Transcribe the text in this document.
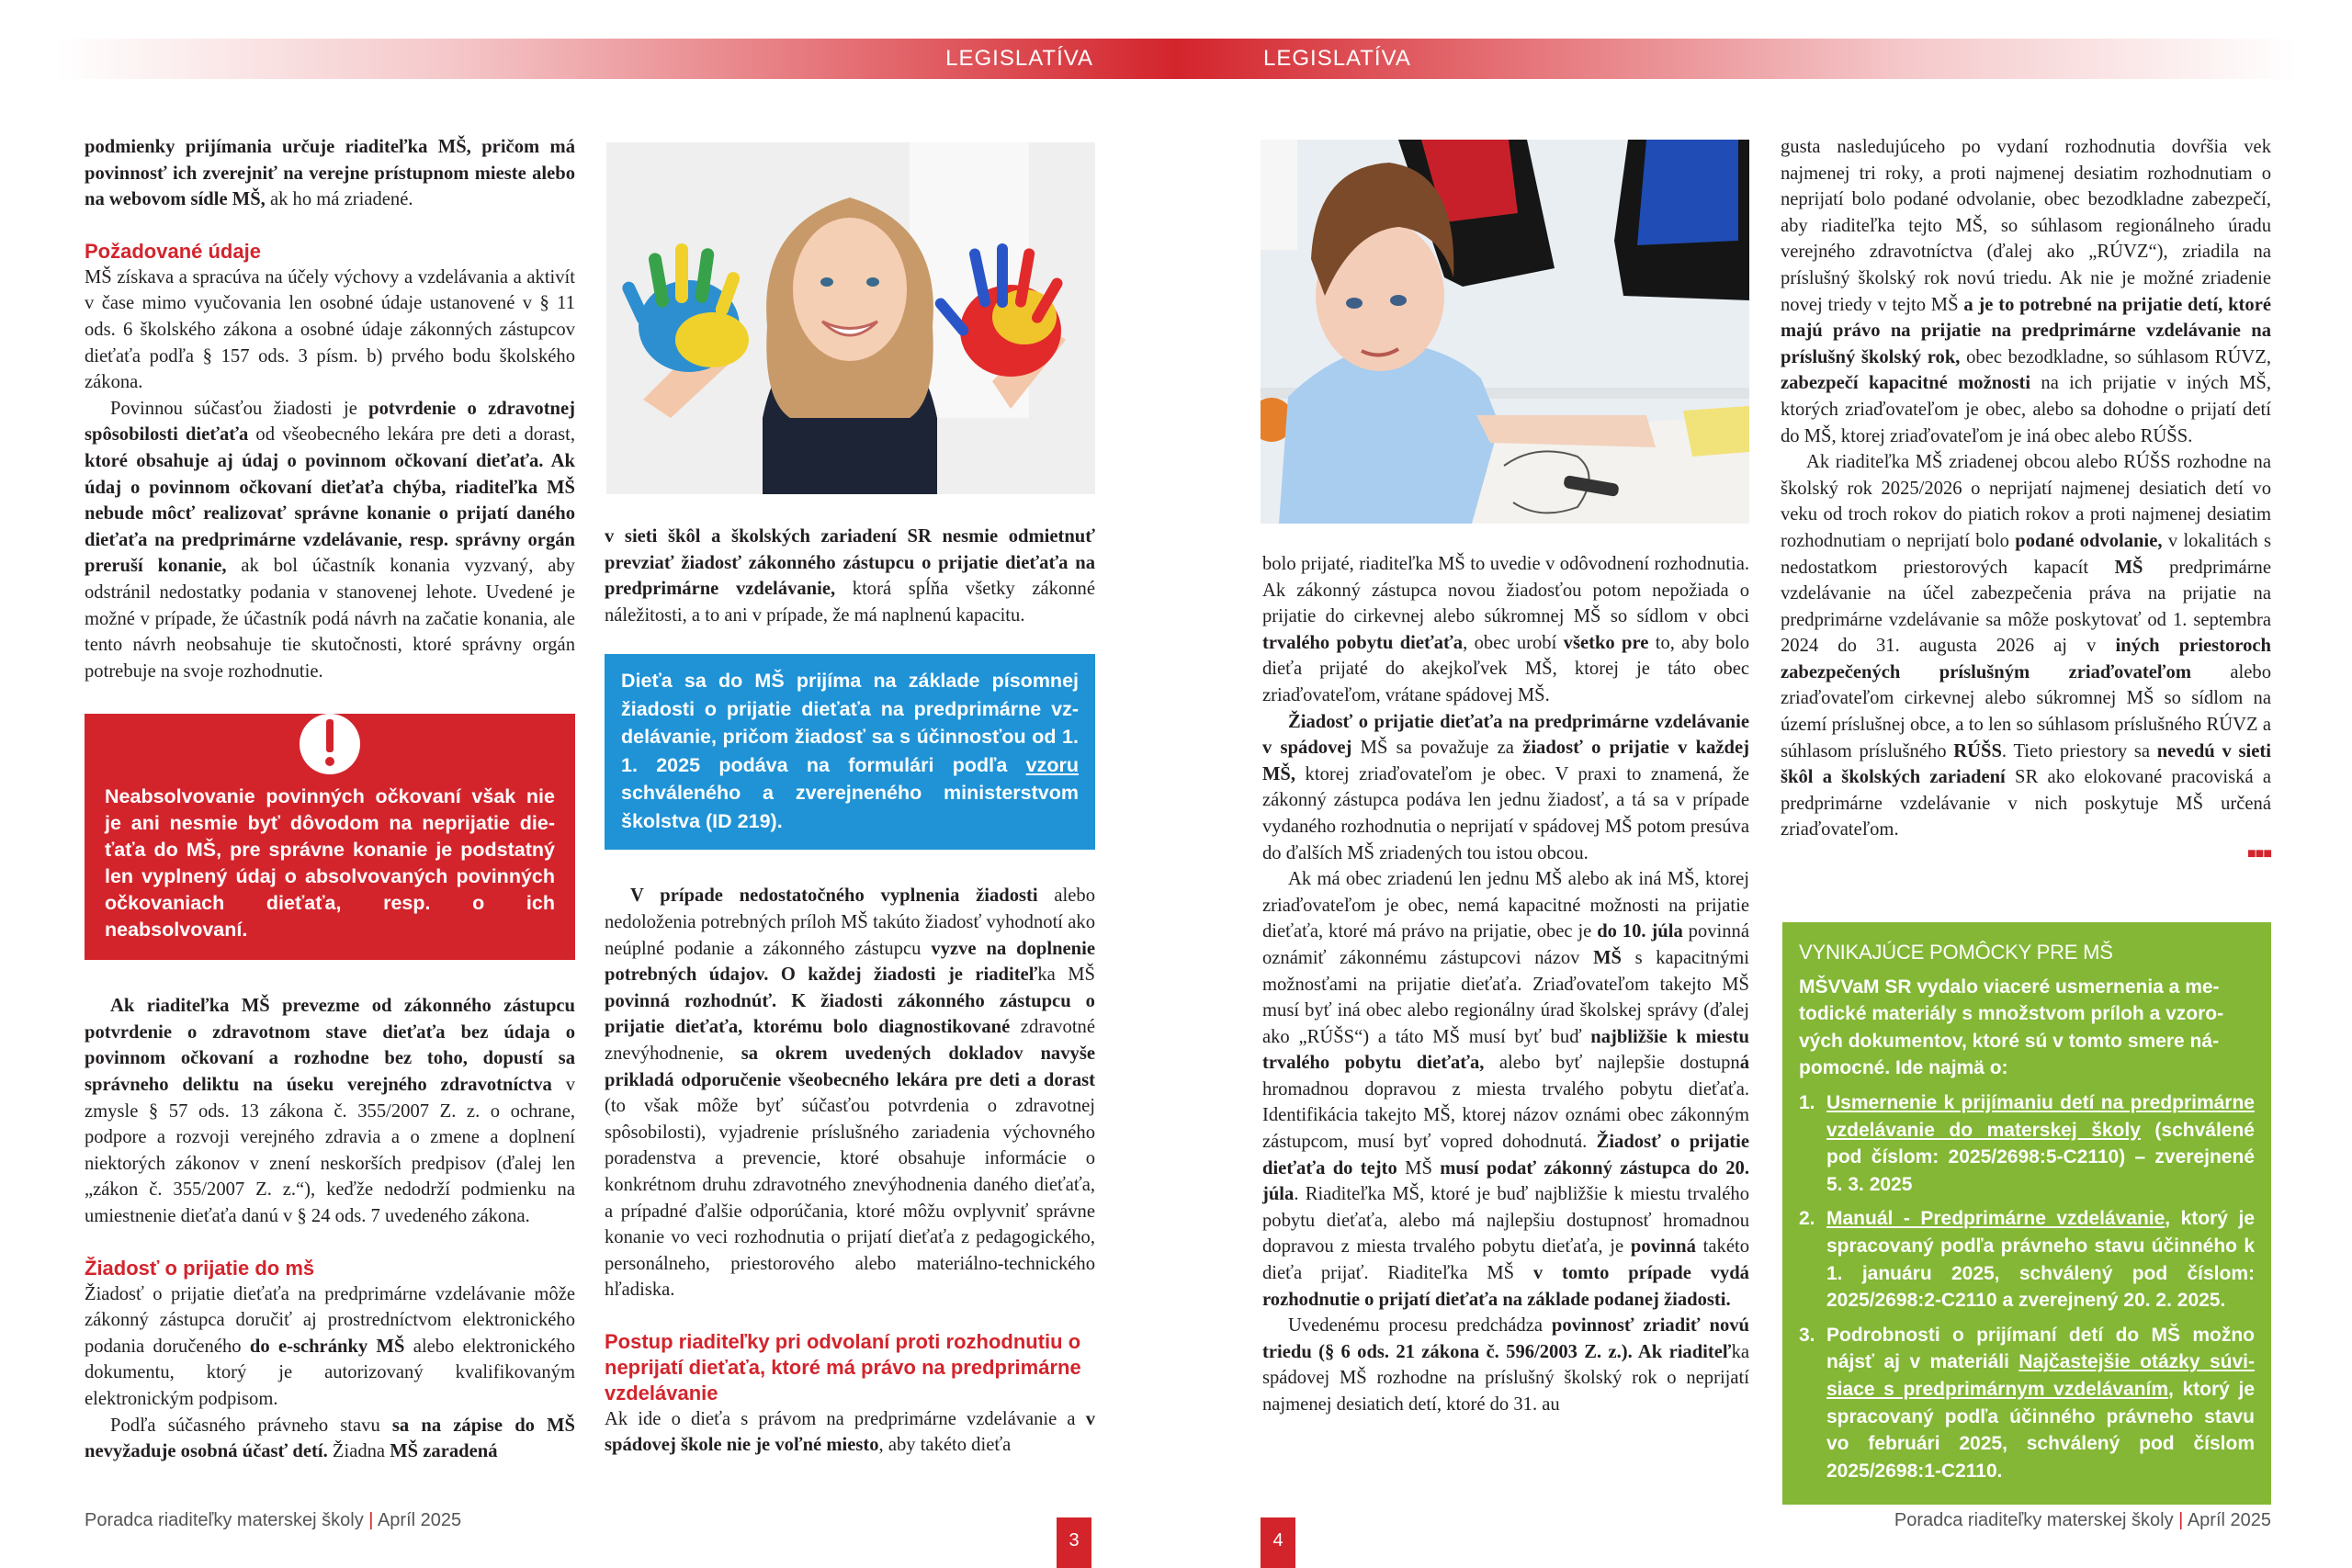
LEGISLATÍVA	LEGISLATÍVA

podmienky prijímania určuje riaditeľka MŠ, pričom má povinnosť ich zverejniť na verejne prístupnom mieste alebo na webovom sídle MŠ, ak ho má zriadené.

Požadované údaje

MŠ získava a spracúva na účely výchovy a vzdelávania a aktivít v čase mimo vyučovania len osobné údaje ustanovené v § 11 ods. 6 školského zákona a osobné údaje zákonných zástupcov dieťaťa podľa § 157 ods. 3 písm. b) prvého bodu školského zákona.

Povinnou súčasťou žiadosti je potvrdenie o zdravotnej spôsobilosti dieťaťa od všeobecného lekára pre deti a dorast, ktoré obsahuje aj údaj o povinnom očkovaní dieťaťa. Ak údaj o povinnom očkovaní dieťaťa chýba, riaditeľka MŠ nebude môcť realizovať správne konanie o prijatí daného dieťaťa na predprimárne vzdelávanie, resp. správny orgán preruší konanie, ak bol účastník konania vyzvaný, aby odstránil nedostatky podania v stanovenej lehote. Uvedené je možné v prípade, že účastník podá návrh na začatie konania, ale tento návrh neobsahuje tie skutočnosti, ktoré správny orgán potrebuje na svoje rozhodnutie.

Neabsolvovanie povinných očkovaní však nie je ani nesmie byť dôvodom na neprijatie dieťaťa do MŠ, pre správne konanie je podstatný len vyplnený údaj o absolvovaných povinných očkovaniach dieťaťa, resp. o ich neabsolvovaní.

Ak riaditeľka MŠ prevezme od zákonného zástupcu potvrdenie o zdravotnom stave dieťaťa bez údaja o povinnom očkovaní a rozhodne bez toho, dopustí sa správneho deliktu na úseku verejného zdravotníctva v zmysle § 57 ods. 13 zákona č. 355/2007 Z. z. o ochrane, podpore a rozvoji verejného zdravia a o zmene a doplnení niektorých zákonov v znení neskorších predpisov (ďalej len „zákon č. 355/2007 Z. z.“), keďže nedodrží podmienku na umiestnenie dieťaťa danú v § 24 ods. 7 uvedeného zákona.

Žiadosť o prijatie do mš

Žiadosť o prijatie dieťaťa na predprimárne vzdelávanie môže zákonný zástupca doručiť aj prostredníctvom elektronického podania doručeného do e-schránky MŠ alebo elektronického dokumentu, ktorý je autorizovaný kvalifikovaným elektronickým podpisom.

Podľa súčasného právneho stavu sa na zápise do MŠ nevyžaduje osobná účasť detí. Žiadna MŠ zaradená

v sieti škôl a školských zariadení SR nesmie odmietnuť prevziať žiadosť zákonného zástupcu o prijatie dieťaťa na predprimárne vzdelávanie, ktorá spĺňa všetky zákonné náležitosti, a to ani v prípade, že má naplnenú kapacitu.

Dieťa sa do MŠ prijíma na základe písomnej žiadosti o prijatie dieťaťa na predprimárne vzdelávanie, pričom žiadosť sa s účinnosťou od 1. 1. 2025 podáva na formulári podľa vzoru schváleného a zverejneného ministerstvom školstva (ID 219).

V prípade nedostatočného vyplnenia žiadosti alebo nedoloženia potrebných príloh MŠ takúto žiadosť vyhodnotí ako neúplné podanie a zákonného zástupcu vyzve na doplnenie potrebných údajov. O každej žiadosti je riaditeľka MŠ povinná rozhodnúť. K žiadosti zákonného zástupcu o prijatie dieťaťa, ktorému bolo diagnostikované zdravotné znevýhodnenie, sa okrem uvedených dokladov navyše prikladá odporučenie všeobecného lekára pre deti a dorast (to však môže byť súčasťou potvrdenia o zdravotnej spôsobilosti), vyjadrenie príslušného zariadenia výchovného poradenstva a prevencie, ktoré obsahuje informácie o konkrétnom druhu zdravotného znevýhodnenia daného dieťaťa, a prípadné ďalšie odporúčania, ktoré môžu ovplyvniť správne konanie vo veci rozhodnutia o prijatí dieťaťa z pedagogického, personálneho, priestorového alebo materiálno-technického hľadiska.

Postup riaditeľky pri odvolaní proti rozhodnutiu o neprijatí dieťaťa, ktoré má právo na predprimárne vzdelávanie

Ak ide o dieťa s právom na predprimárne vzdelávanie a v spádovej škole nie je voľné miesto, aby takéto dieťa

Poradca riaditeľky materskej školy | Apríl 2025
3

bolo prijaté, riaditeľka MŠ to uvedie v odôvodnení rozhodnutia. Ak zákonný zástupca novou žiadosťou potom nepožiada o prijatie do cirkevnej alebo súkromnej MŠ so sídlom v obci trvalého pobytu dieťaťa, obec urobí všetko pre to, aby bolo dieťa prijaté do akejkoľvek MŠ, ktorej je táto obec zriaďovateľom, vrátane spádovej MŠ.

Žiadosť o prijatie dieťaťa na predprimárne vzdelávanie v spádovej MŠ sa považuje za žiadosť o prijatie v každej MŠ, ktorej zriaďovateľom je obec. V praxi to znamená, že zákonný zástupca podáva len jednu žiadosť, a tá sa v prípade vydaného rozhodnutia o neprijatí v spádovej MŠ potom presúva do ďalších MŠ zriadených tou istou obcou.

Ak má obec zriadenú len jednu MŠ alebo ak iná MŠ, ktorej zriaďovateľom je obec, nemá kapacitné možnosti na prijatie dieťaťa, ktoré má právo na prijatie, obec je do 10. júla povinná oznámiť zákonnému zástupcovi názov MŠ s kapacitnými možnosťami na prijatie dieťaťa. Zriaďovateľom takejto MŠ musí byť iná obec alebo regionálny úrad školskej správy (ďalej ako „RÚŠS“) a táto MŠ musí byť buď najbližšie k miestu trvalého pobytu dieťaťa, alebo byť najlepšie dostupná hromadnou dopravou z miesta trvalého pobytu dieťaťa. Identifikácia takejto MŠ, ktorej názov oznámi obec zákonným zástupcom, musí byť vopred dohodnutá. Žiadosť o prijatie dieťaťa do tejto MŠ musí podať zákonný zástupca do 20. júla. Riaditeľka MŠ, ktoré je buď najbližšie k miestu trvalého pobytu dieťaťa, alebo má najlepšiu dostupnosť hromadnou dopravou z miesta trvalého pobytu dieťaťa, je povinná takéto dieťa prijať. Riaditeľka MŠ v tomto prípade vydá rozhodnutie o prijatí dieťaťa na základe podanej žiadosti.

Uvedenému procesu predchádza povinnosť zriadiť novú triedu (§ 6 ods. 21 zákona č. 596/2003 Z. z.). Ak riaditeľka spádovej MŠ rozhodne na príslušný školský rok o neprijatí najmenej desiatich detí, ktoré do 31. au

gusta nasledujúceho po vydaní rozhodnutia dovŕšia vek najmenej tri roky, a proti najmenej desiatim rozhodnutiam o neprijatí bolo podané odvolanie, obec bezodkladne zabezpečí, aby riaditeľka tejto MŠ, so súhlasom regionálneho úradu verejného zdravotníctva (ďalej ako „RÚVZ“), zriadila na príslušný školský rok novú triedu. Ak nie je možné zriadenie novej triedy v tejto MŠ a je to potrebné na prijatie detí, ktoré majú právo na prijatie na predprimárne vzdelávanie na príslušný školský rok, obec bezodkladne, so súhlasom RÚVZ, zabezpečí kapacitné možnosti na ich prijatie v iných MŠ, ktorých zriaďovateľom je obec, alebo sa dohodne o prijatí detí do MŠ, ktorej zriaďovateľom je iná obec alebo RÚŠS.

Ak riaditeľka MŠ zriadenej obcou alebo RÚŠS rozhodne na školský rok 2025/2026 o neprijatí najmenej desiatich detí vo veku od troch rokov do piatich rokov a proti najmenej desiatim rozhodnutiam o neprijatí bolo podané odvolanie, v lokalitách s nedostatkom priestorových kapacít MŠ predprimárne vzdelávanie na účel zabezpečenia práva na prijatie na predprimárne vzdelávanie sa môže poskytovať od 1. septembra 2024 do 31. augusta 2026 aj v iných priestoroch zabezpečených príslušným zriaďovateľom alebo zriaďovateľom cirkevnej alebo súkromnej MŠ so sídlom na území príslušnej obce, a to len so súhlasom príslušného RÚVZ a súhlasom príslušného RÚŠS. Tieto priestory sa nevedú v sieti škôl a školských zariadení SR ako elokované pracoviská a predprimárne vzdelávanie v nich poskytuje MŠ určená zriaďovateľom.

■■■
VYNIKAJÚCE POMÔCKY PRE MŠ
MŠVVaM SR vydalo viaceré usmernenia a metodické materiály s množstvom príloh a vzorových dokumentov, ktoré sú v tomto smere nápomocné. Ide najmä o:
1. Usmernenie k prijímaniu detí na predprimárne vzdelávanie do materskej školy (schválené pod číslom: 2025/2698:5-C2110) – zverejnené 5. 3. 2025
2. Manuál - Predprimárne vzdelávanie, ktorý je spracovaný podľa právneho stavu účinného k 1. januáru 2025, schválený pod číslom: 2025/2698:2-C2110 a zverejnený 20. 2. 2025.
3. Podrobnosti o prijímaní detí do MŠ možno nájsť aj v materiáli Najčastejšie otázky súvisiace s predprimárnym vzdelávaním, ktorý je spracovaný podľa účinného právneho stavu vo februári 2025, schválený pod číslom 2025/2698:1-C2110.
4
Poradca riaditeľky materskej školy | Apríl 2025
